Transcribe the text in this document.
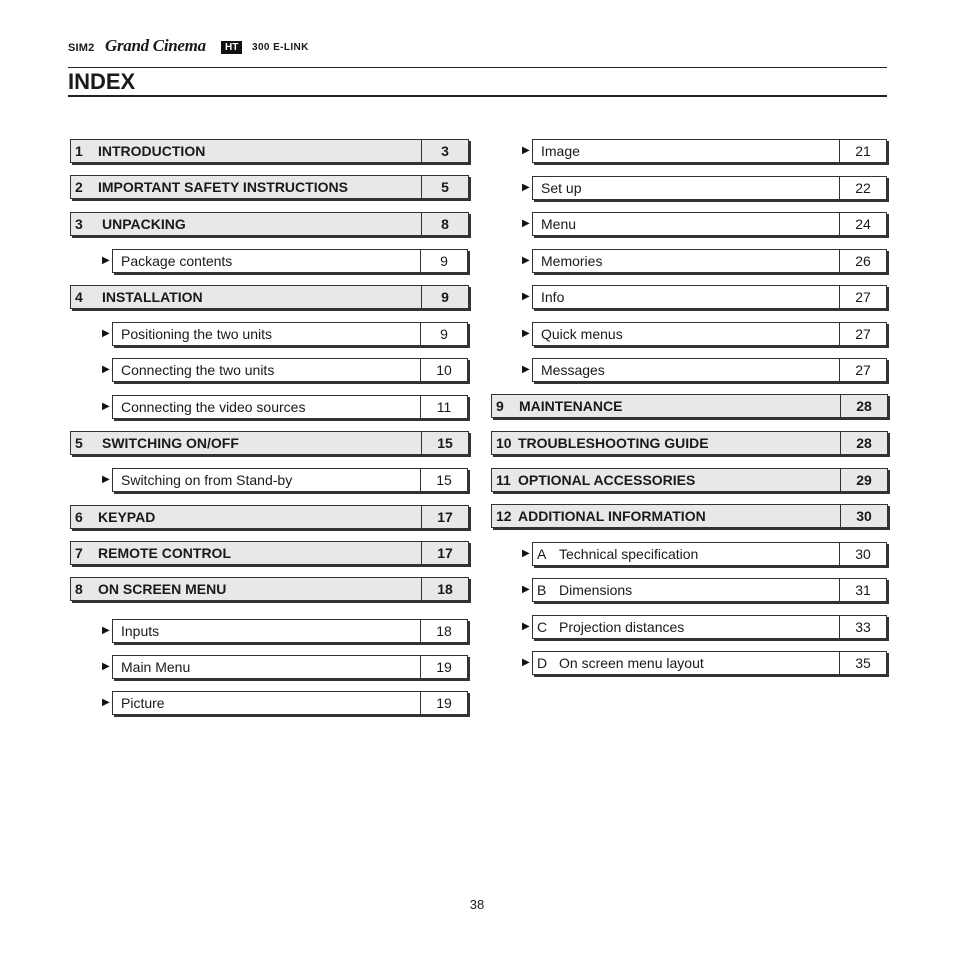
SIM2 Grand Cinema	HT	300 E-LINK
INDEX
1 INTRODUCTION	3
2 IMPORTANT SAFETY INSTRUCTIONS	5
3 UNPACKING	8
Package contents	9
▶
4 INSTALLATION	9
Positioning the two units	9
▶
Connecting the two units	10
▶
Connecting the video sources	11
▶
5 SWITCHING ON/OFF	15
Switching on from Stand-by	15
▶
6 KEYPAD	17
7 REMOTE CONTROL	17
8 ON SCREEN MENU	18
Inputs	18
▶
Main Menu	19
▶
Picture	19
▶
Image	21
▶
Set up	22
▶
Menu	24
▶
Memories	26
▶
Info	27
▶
Quick menus	27
▶
Messages	27
▶
9 MAINTENANCE	28
10 TROUBLESHOOTING GUIDE	28
11 OPTIONAL ACCESSORIES	29
12 ADDITIONAL INFORMATION	30
A Technical specification	30
▶
B Dimensions	31
▶
C Projection distances	33
▶
D On screen menu layout	35
▶
38
